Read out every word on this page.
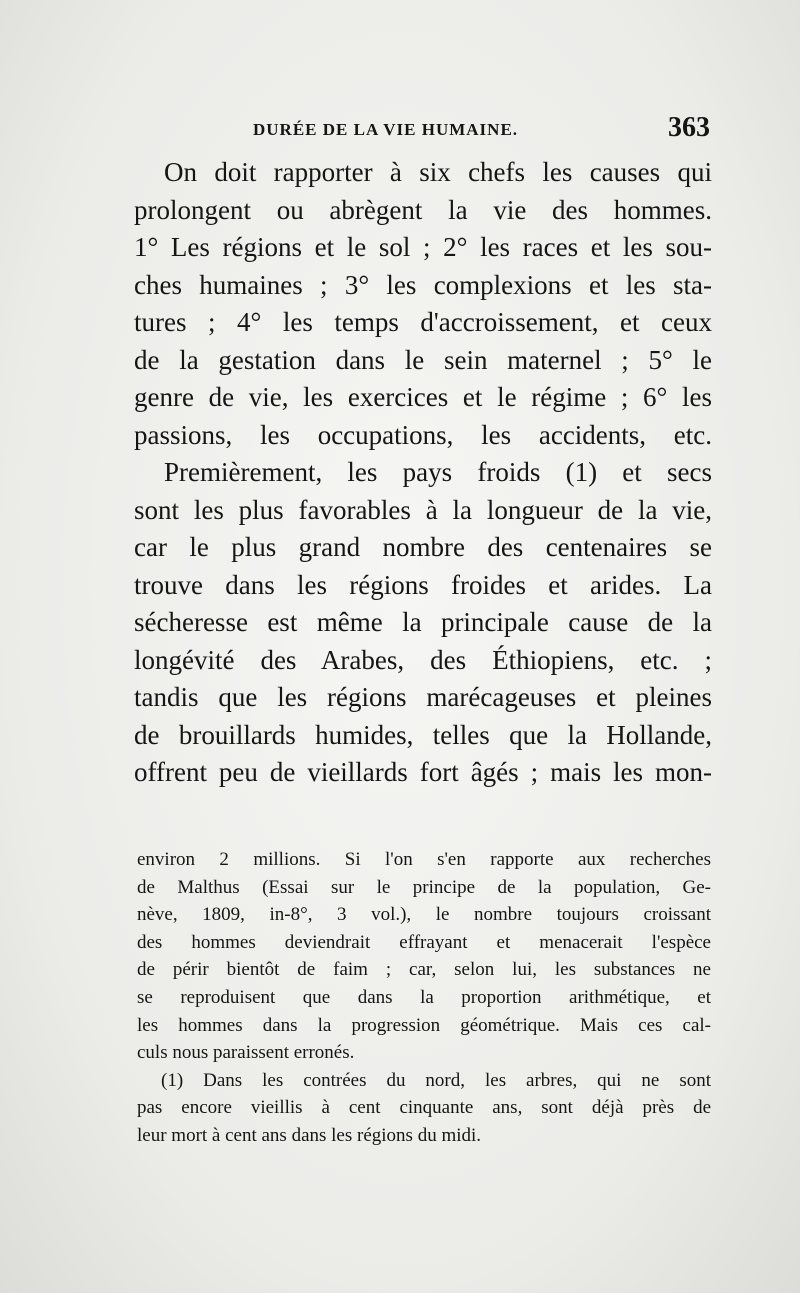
DURÉE DE LA VIE HUMAINE.	363
On doit rapporter à six chefs les causes qui
prolongent ou abrègent la vie des hommes.
1° Les régions et le sol ; 2° les races et les sou-
ches humaines ; 3° les complexions et les sta-
tures ; 4° les temps d'accroissement, et ceux
de la gestation dans le sein maternel ; 5° le
genre de vie, les exercices et le régime ; 6° les
passions, les occupations, les accidents, etc.
Premièrement, les pays froids (1) et secs
sont les plus favorables à la longueur de la vie,
car le plus grand nombre des centenaires se
trouve dans les régions froides et arides. La
sécheresse est même la principale cause de la
longévité des Arabes, des Éthiopiens, etc. ;
tandis que les régions marécageuses et pleines
de brouillards humides, telles que la Hollande,
offrent peu de vieillards fort âgés ; mais les mon-
environ 2 millions. Si l'on s'en rapporte aux recherches
de Malthus (Essai sur le principe de la population, Ge-
nève, 1809, in-8°, 3 vol.), le nombre toujours croissant
des hommes deviendrait effrayant et menacerait l'espèce
de périr bientôt de faim ; car, selon lui, les substances ne
se reproduisent que dans la proportion arithmétique, et
les hommes dans la progression géométrique. Mais ces cal-
culs nous paraissent erronés.
(1) Dans les contrées du nord, les arbres, qui ne sont
pas encore vieillis à cent cinquante ans, sont déjà près de
leur mort à cent ans dans les régions du midi.
